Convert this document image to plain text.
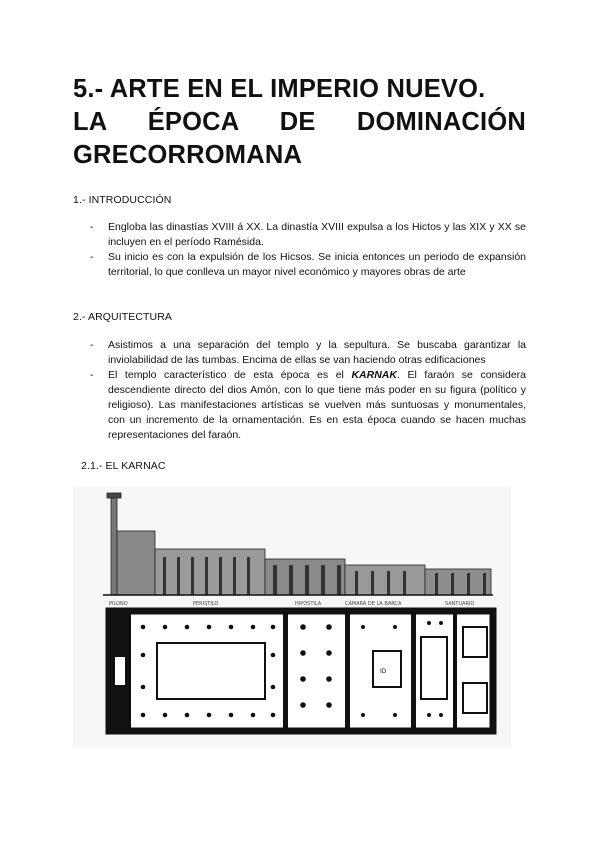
5.- ARTE EN EL IMPERIO NUEVO.
LA ÉPOCA DE DOMINACIÓN
GRECORROMANA
1.- INTRODUCCIÓN
- Engloba las dinastías XVIII á XX. La dinastía XVIII expulsa a los Hictos y las XIX y XX se incluyen en el período Ramésida.
- Su inicio es con la expulsión de los Hicsos. Se inicia entonces un periodo de expansión territorial, lo que conlleva un mayor nivel económico y mayores obras de arte
2.- ARQUITECTURA
- Asistimos a una separación del templo y la sepultura. Se buscaba garantizar la inviolabilidad de las tumbas. Encima de ellas se van haciendo otras edificaciones
- El templo característico de esta época es el KARNAK. El faraón se considera descendiente directo del dios Amón, con lo que tiene más poder en su figura (político y religioso). Las manifestaciones artísticas se vuelven más suntuosas y monumentales, con un incremento de la ornamentación. Es en esta época cuando se hacen muchas representaciones del faraón.
2.1.- EL KARNAC
PILONO	PERISTILO	HIPOSTILA	CÁMARA DE LA BARCA	SANTUARIO
ID
